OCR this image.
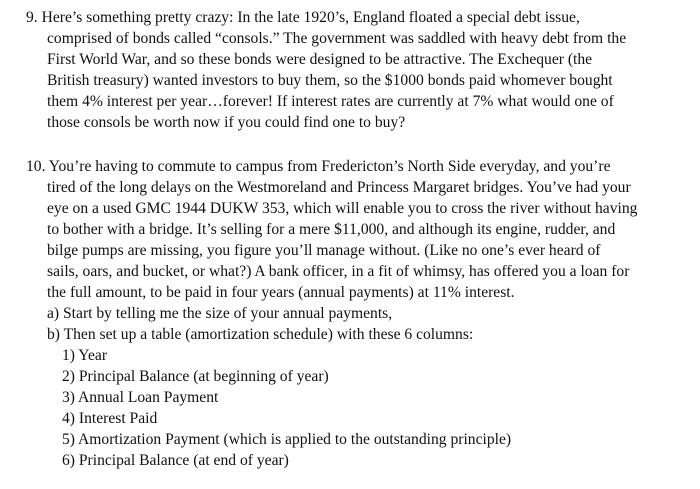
9. Here’s something pretty crazy: In the late 1920’s, England floated a special debt issue,
comprised of bonds called “consols.” The government was saddled with heavy debt from the
First World War, and so these bonds were designed to be attractive. The Exchequer (the
British treasury) wanted investors to buy them, so the $1000 bonds paid whomever bought
them 4% interest per year…forever! If interest rates are currently at 7% what would one of
those consols be worth now if you could find one to buy?
10. You’re having to commute to campus from Fredericton’s North Side everyday, and you’re
tired of the long delays on the Westmoreland and Princess Margaret bridges. You’ve had your
eye on a used GMC 1944 DUKW 353, which will enable you to cross the river without having
to bother with a bridge. It’s selling for a mere $11,000, and although its engine, rudder, and
bilge pumps are missing, you figure you’ll manage without. (Like no one’s ever heard of
sails, oars, and bucket, or what?) A bank officer, in a fit of whimsy, has offered you a loan for
the full amount, to be paid in four years (annual payments) at 11% interest.
a) Start by telling me the size of your annual payments,
b) Then set up a table (amortization schedule) with these 6 columns:
1) Year
2) Principal Balance (at beginning of year)
3) Annual Loan Payment
4) Interest Paid
5) Amortization Payment (which is applied to the outstanding principle)
6) Principal Balance (at end of year)
